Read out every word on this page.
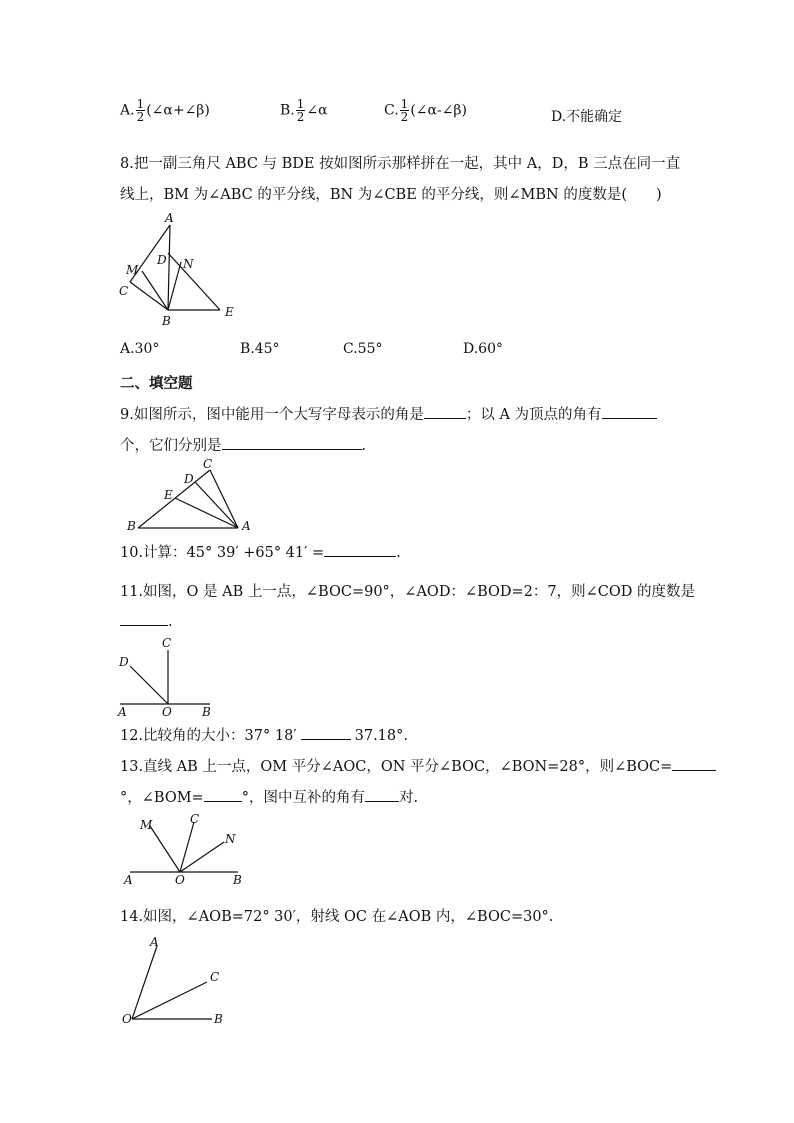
A. $\frac{1}{2}$ (∠α+∠β)	B. $\frac{1}{2}$ ∠α	C. $\frac{1}{2}$ (∠α-∠β)	D.不能确定
8.把一副三角尺 ABC 与 BDE 按如图所示那样拼在一起，其中 A，D，B 三点在同一直
线上，BM 为∠ABC 的平分线，BN 为∠CBE 的平分线，则∠MBN 的度数是(　　)
A
M
D N
C
B
E
A.30°	B.45°	C.55°	D.60°
二、填空题
9.如图所示，图中能用一个大写字母表示的角是	；以 A 为顶点的角有
个，它们分别是	.
C
D
E
B	A
10.计算：45° 39′ +65° 41′ =	.
11.如图，O 是 AB 上一点，∠BOC=90°，∠AOD：∠BOD=2：7，则∠COD 的度数是
.
C
D
A	O	B
12.比较角的大小：37° 18′	37.18°.
13.直线 AB 上一点，OM 平分∠AOC，ON 平分∠BOC，∠BON=28°，则∠BOC=
°，∠BOM=	°，图中互补的角有 对.
M	C
N
A	O	B
14.如图，∠AOB=72° 30′，射线 OC 在∠AOB 内，∠BOC=30°.
A
C
O	B
